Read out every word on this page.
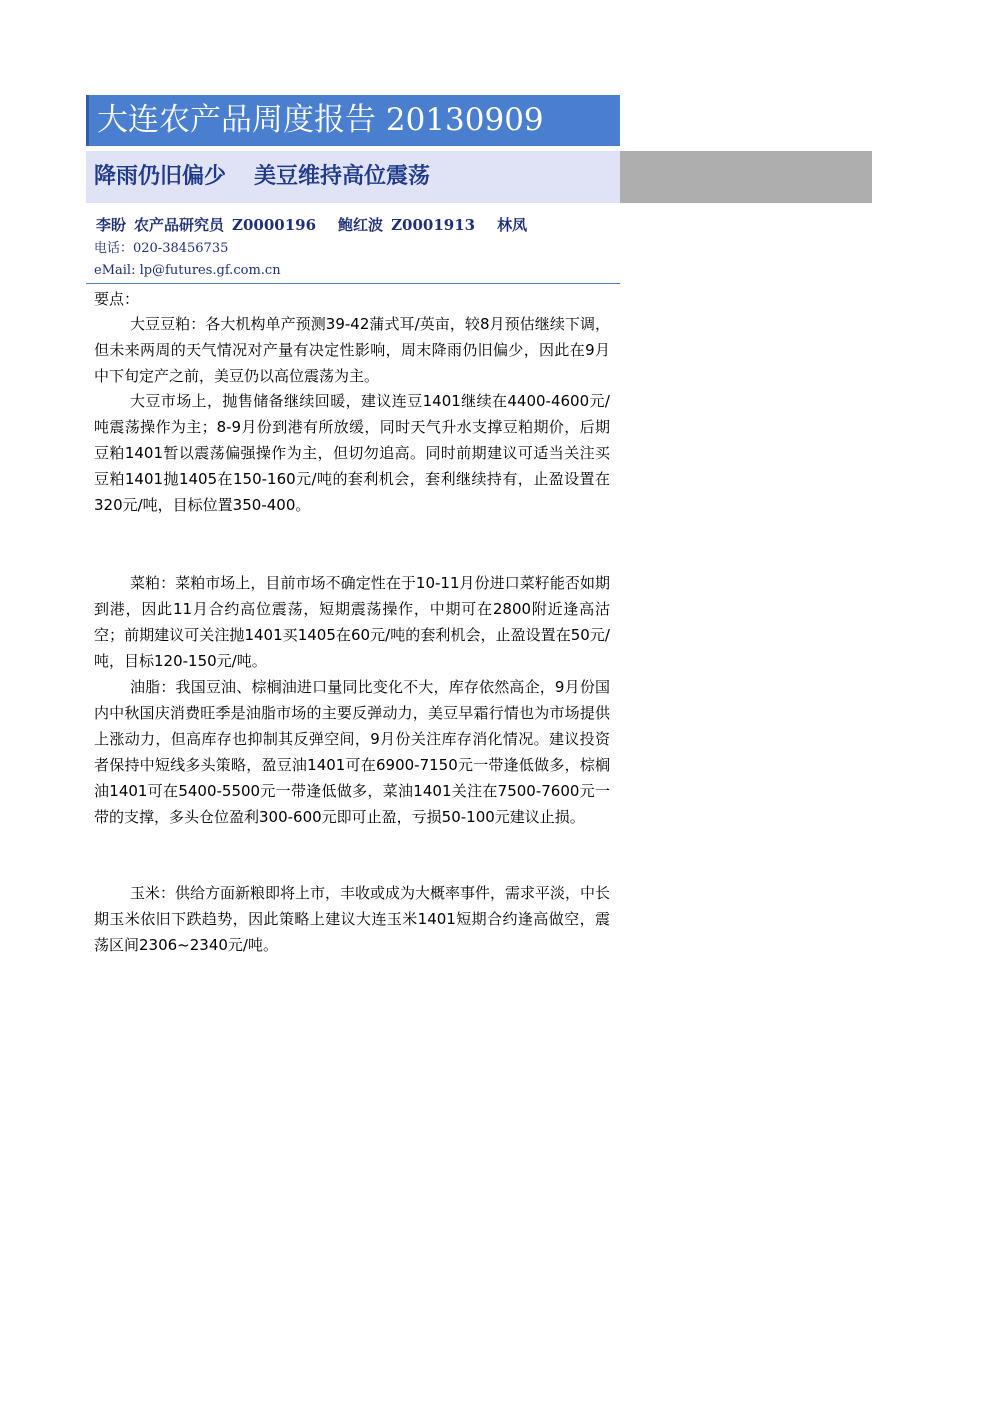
大连农产品周度报告 20130909
降雨仍旧偏少 美豆维持高位震荡
李盼 农产品研究员 Z0000196 鲍红波 Z0001913 林凤
电话：020-38456735
eMail: lp@futures.gf.com.cn
要点：
大豆豆粕：各大机构单产预测39-42蒲式耳/英亩，较8月预估继续下调，但未来两周的天气情况对产量有决定性影响，周末降雨仍旧偏少，因此在9月中下旬定产之前，美豆仍以高位震荡为主。
大豆市场上，抛售储备继续回暖，建议连豆1401继续在4400-4600元/吨震荡操作为主；8-9月份到港有所放缓，同时天气升水支撑豆粕期价，后期豆粕1401暂以震荡偏强操作为主，但切勿追高。同时前期建议可适当关注买豆粕1401抛1405在150-160元/吨的套利机会，套利继续持有，止盈设置在320元/吨，目标位置350-400。
菜粕：菜粕市场上，目前市场不确定性在于10-11月份进口菜籽能否如期到港，因此11月合约高位震荡，短期震荡操作，中期可在2800附近逢高沽空；前期建议可关注抛1401买1405在60元/吨的套利机会，止盈设置在50元/吨，目标120-150元/吨。
油脂：我国豆油、棕榈油进口量同比变化不大，库存依然高企，9月份国内中秋国庆消费旺季是油脂市场的主要反弹动力，美豆早霜行情也为市场提供上涨动力，但高库存也抑制其反弹空间，9月份关注库存消化情况。建议投资者保持中短线多头策略，盈豆油1401可在6900-7150元一带逢低做多，棕榈油1401可在5400-5500元一带逢低做多，菜油1401关注在7500-7600元一带的支撑，多头仓位盈利300-600元即可止盈，亏损50-100元建议止损。
玉米：供给方面新粮即将上市，丰收或成为大概率事件，需求平淡，中长期玉米依旧下跌趋势，因此策略上建议大连玉米1401短期合约逢高做空，震荡区间2306~2340元/吨。
